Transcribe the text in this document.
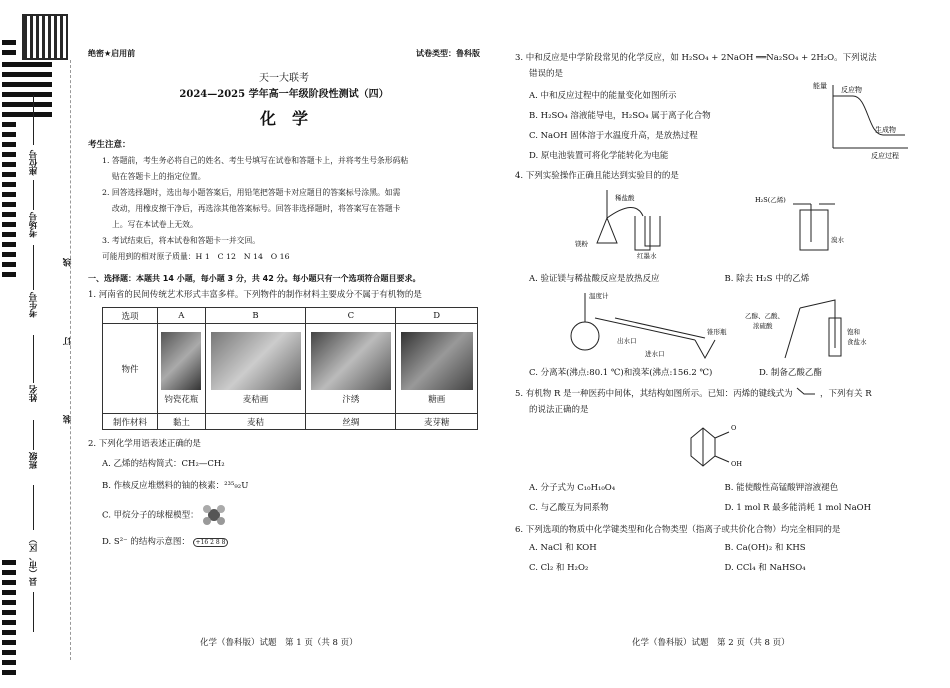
座位号
考场号
考生号
姓名
班级
县（市、区）
线
订
装
绝密★启用前	试卷类型：鲁科版

天一大联考

2024—2025 学年高一年级阶段性测试（四）

化　学

考生注意：

1. 答题前，考生务必将自己的姓名、考生号填写在试卷和答题卡上，并将考生号条形码粘

贴在答题卡上的指定位置。

2. 回答选择题时，选出每小题答案后，用铅笔把答题卡对应题目的答案标号涂黑。如需

改动，用橡皮擦干净后，再选涂其他答案标号。回答非选择题时，将答案写在答题卡

上。写在本试卷上无效。

3. 考试结束后，将本试卷和答题卡一并交回。

可能用到的相对原子质量：H 1　C 12　N 14　O 16

一、选择题：本题共 14 小题，每小题 3 分，共 42 分。每小题只有一个选项符合题目要求。

1. 河南省的民间传统艺术形式丰富多样。下列物件的制作材料主要成分不属于有机物的是

选项	A	B	C	D
物件	钧瓷花瓶	麦秸画	汴绣	糖画
制作材料	黏土	麦秸	丝绸	麦芽糖

2. 下列化学用语表述正确的是

A. 乙烯的结构简式：CH₂—CH₂

B. 作核反应堆燃料的铀的核素：²³⁵₉₂U

C. 甲烷分子的球棍模型：

D. S²⁻ 的结构示意图： +16 2 8 8

化学（鲁科版）试题　第 1 页（共 8 页）

3. 中和反应是中学阶段常见的化学反应，如 H₂SO₄ + 2NaOH ══Na₂SO₄ + 2H₂O。下列说法

错误的是

A. 中和反应过程中的能量变化如图所示

B. H₂SO₄ 溶液能导电，H₂SO₄ 属于离子化合物

C. NaOH 固体溶于水温度升高，是放热过程

D. 原电池装置可将化学能转化为电能

能量 反应物
生成物
反应过程

4. 下列实验操作正确且能达到实验目的的是

稀盐酸
镁粉
红墨水
H₂S(乙烯)
溴水
A. 验证镁与稀盐酸反应是放热反应	B. 除去 H₂S 中的乙烯
温度计
出水口
进水口
锥形瓶
乙醇、乙酸、
浓硫酸
饱和
食盐水
C. 分离苯(沸点:80.1 ℃)和溴苯(沸点:156.2 ℃)	D. 制备乙酸乙酯

5. 有机物 R 是一种医药中间体，其结构如图所示。已知：丙烯的键线式为	，下列有关 R

的说法正确的是

O
OH
A. 分子式为 C₁₀H₁₀O₄	B. 能使酸性高锰酸钾溶液褪色
C. 与乙酸互为同系物	D. 1 mol R 最多能消耗 1 mol NaOH

6. 下列选项的物质中化学键类型和化合物类型（指离子或共价化合物）均完全相同的是

A. NaCl 和 KOH	B. Ca(OH)₂ 和 KHS
C. Cl₂ 和 H₂O₂	D. CCl₄ 和 NaHSO₄
化学（鲁科版）试题　第 2 页（共 8 页）
